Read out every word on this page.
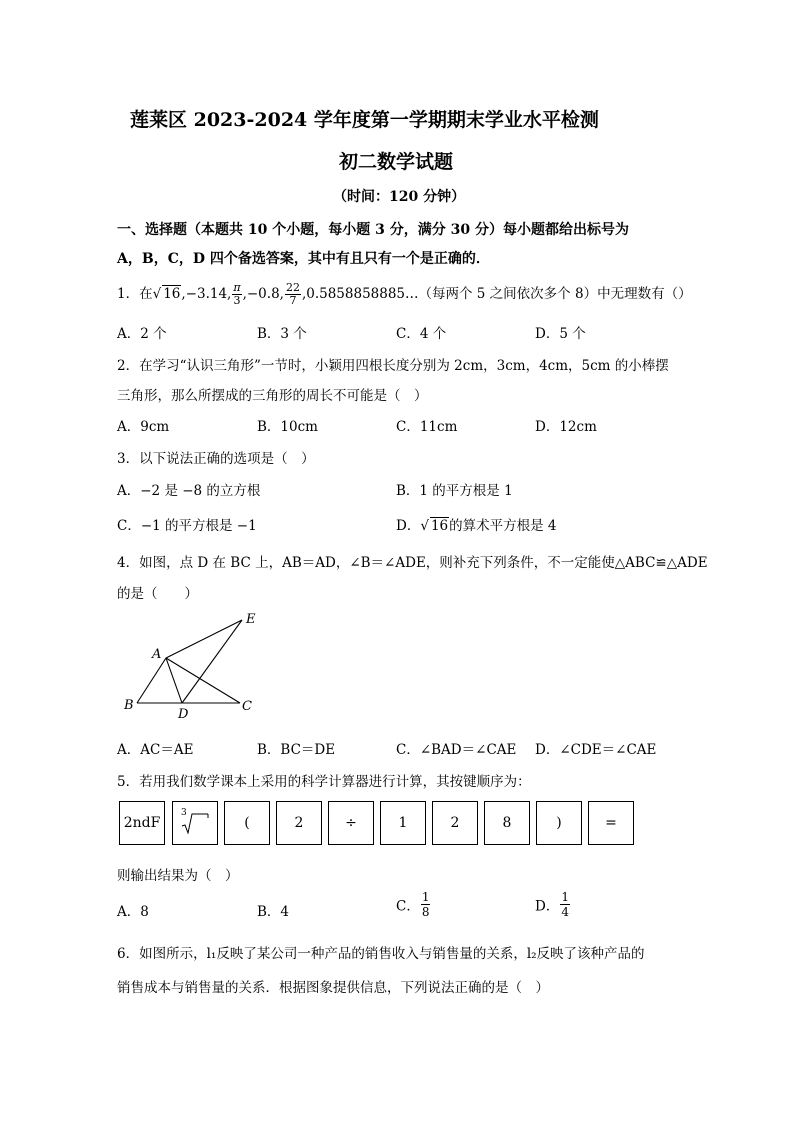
莲莱区 2023-2024 学年度第一学期期末学业水平检测
初二数学试题
（时间：120 分钟）
一、选择题（本题共 10 个小题，每小题 3 分，满分 30 分）每小题都给出标号为
A，B，C，D 四个备选答案，其中有且只有一个是正确的．
1．在√ 16,−3.14, $\frac{\pi}{3} ,-0.8$, $\frac{22}{7}$ ,0.5858858885…（每两个 5 之间依次多个 8）中无理数有（）
A．2 个	B．3 个	C．4 个	D．5 个
2．在学习“认识三角形”一节时，小颖用四根长度分别为 2cm，3cm，4cm，5cm 的小棒摆
三角形，那么所摆成的三角形的周长不可能是（　）
A．9cm	B．10cm	C．11cm	D．12cm
3．以下说法正确的选项是（　）
A．−2 是 −8 的立方根	B．1 的平方根是 1
C．−1 的平方根是 −1	D．√ 16的算术平方根是 4
4．如图，点 D 在 BC 上，AB＝AD，∠B＝∠ADE，则补充下列条件，不一定能使△ABC≌△ADE
的是（　　）
E
A
B
D
C
A．AC＝AE	B．BC＝DE	C．∠BAD＝∠CAE D．∠CDE＝∠CAE
5．若用我们数学课本上采用的科学计算器进行计算，其按键顺序为：
2ndF
3
(	2	÷	1	2	8	)	=
则输出结果为（　）
A．8	B．4	C． $\frac{1}{8}$	D． $\frac{1}{4}$
6．如图所示，l₁反映了某公司一种产品的销售收入与销售量的关系，l₂反映了该种产品的
销售成本与销售量的关系．根据图象提供信息，下列说法正确的是（　）
